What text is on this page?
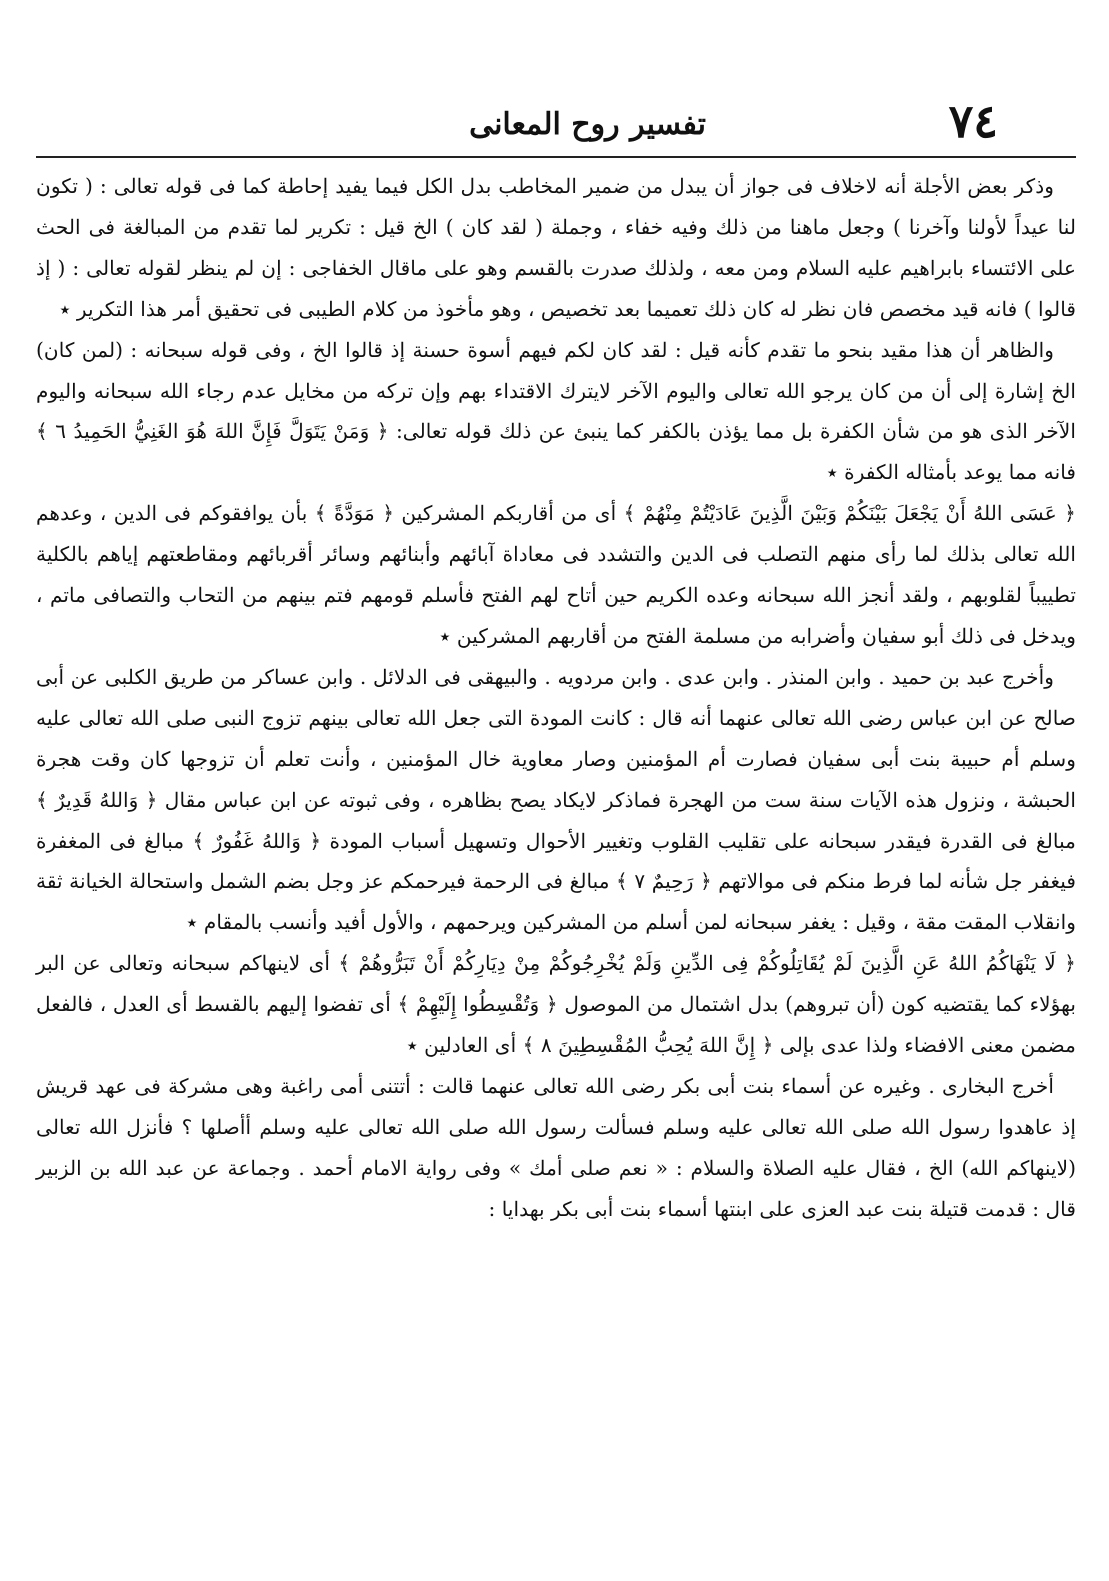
٧٤
تفسير روح المعانى

وذكر بعض الأجلة أنه لاخلاف فى جواز أن يبدل من ضمير المخاطب بدل الكل فيما يفيد إحاطة كما فى قوله تعالى : ( تكون لنا عيداً لأولنا وآخرنا ) وجعل ماهنا من ذلك وفيه خفاء ، وجملة ( لقد كان ) الخ قيل : تكرير لما تقدم من المبالغة فى الحث على الائتساء بابراهيم عليه السلام ومن معه ، ولذلك صدرت بالقسم وهو على ماقال الخفاجى : إن لم ينظر لقوله تعالى : ( إذ قالوا ) فانه قيد مخصص فان نظر له كان ذلك تعميما بعد تخصيص ، وهو مأخوذ من كلام الطيبى فى تحقيق أمر هذا التكرير ٭

والظاهر أن هذا مقيد بنحو ما تقدم كأنه قيل : لقد كان لكم فيهم أسوة حسنة إذ قالوا الخ ، وفى قوله سبحانه : (لمن كان) الخ إشارة إلى أن من كان يرجو الله تعالى واليوم الآخر لايترك الاقتداء بهم وإن تركه من مخايل عدم رجاء الله سبحانه واليوم الآخر الذى هو من شأن الكفرة بل مما يؤذن بالكفر كما ينبئ عن ذلك قوله تعالى: ﴿ وَمَنْ يَتَوَلَّ فَإِنَّ اللهَ هُوَ الغَنِيُّ الحَمِيدُ ٦ ﴾ فانه مما يوعد بأمثاله الكفرة ٭

﴿ عَسَى اللهُ أَنْ يَجْعَلَ بَيْنَكُمْ وَبَيْنَ الَّذِينَ عَادَيْتُمْ مِنْهُمْ ﴾ أى من أقاربكم المشركين ﴿ مَوَدَّةً ﴾ بأن يوافقوكم فى الدين ، وعدهم الله تعالى بذلك لما رأى منهم التصلب فى الدين والتشدد فى معاداة آبائهم وأبنائهم وسائر أقربائهم ومقاطعتهم إياهم بالكلية تطييباً لقلوبهم ، ولقد أنجز الله سبحانه وعده الكريم حين أتاح لهم الفتح فأسلم قومهم فتم بينهم من التحاب والتصافى ماتم ، ويدخل فى ذلك أبو سفيان وأضرابه من مسلمة الفتح من أقاربهم المشركين ٭

وأخرج عبد بن حميد . وابن المنذر . وابن عدى . وابن مردويه . والبيهقى فى الدلائل . وابن عساكر من طريق الكلبى عن أبى صالح عن ابن عباس رضى الله تعالى عنهما أنه قال : كانت المودة التى جعل الله تعالى بينهم تزوج النبى صلى الله تعالى عليه وسلم أم حبيبة بنت أبى سفيان فصارت أم المؤمنين وصار معاوية خال المؤمنين ، وأنت تعلم أن تزوجها كان وقت هجرة الحبشة ، ونزول هذه الآيات سنة ست من الهجرة فماذكر لايكاد يصح بظاهره ، وفى ثبوته عن ابن عباس مقال ﴿ وَاللهُ قَدِيرٌ ﴾ مبالغ فى القدرة فيقدر سبحانه على تقليب القلوب وتغيير الأحوال وتسهيل أسباب المودة ﴿ وَاللهُ غَفُورٌ ﴾ مبالغ فى المغفرة فيغفر جل شأنه لما فرط منكم فى موالاتهم ﴿ رَحِيمٌ ٧ ﴾ مبالغ فى الرحمة فيرحمكم عز وجل بضم الشمل واستحالة الخيانة ثقة وانقلاب المقت مقة ، وقيل : يغفر سبحانه لمن أسلم من المشركين ويرحمهم ، والأول أفيد وأنسب بالمقام ٭

﴿ لَا يَنْهَاكُمُ اللهُ عَنِ الَّذِينَ لَمْ يُقَاتِلُوكُمْ فِى الدِّينِ وَلَمْ يُخْرِجُوكُمْ مِنْ دِيَارِكُمْ أَنْ تَبَرُّوهُمْ ﴾ أى لاينهاكم سبحانه وتعالى عن البر بهؤلاء كما يقتضيه كون (أن تبروهم) بدل اشتمال من الموصول ﴿ وَتُقْسِطُوا إِلَيْهِمْ ﴾ أى تفضوا إليهم بالقسط أى العدل ، فالفعل مضمن معنى الافضاء ولذا عدى بإلى ﴿ إِنَّ اللهَ يُحِبُّ المُقْسِطِينَ ٨ ﴾ أى العادلين ٭

أخرج البخارى . وغيره عن أسماء بنت أبى بكر رضى الله تعالى عنهما قالت : أتتنى أمى راغبة وهى مشركة فى عهد قريش إذ عاهدوا رسول الله صلى الله تعالى عليه وسلم فسألت رسول الله صلى الله تعالى عليه وسلم أأصلها ؟ فأنزل الله تعالى (لاينهاكم الله) الخ ، فقال عليه الصلاة والسلام : « نعم صلى أمك » وفى رواية الامام أحمد . وجماعة عن عبد الله بن الزبير قال : قدمت قتيلة بنت عبد العزى على ابنتها أسماء بنت أبى بكر بهدايا :
